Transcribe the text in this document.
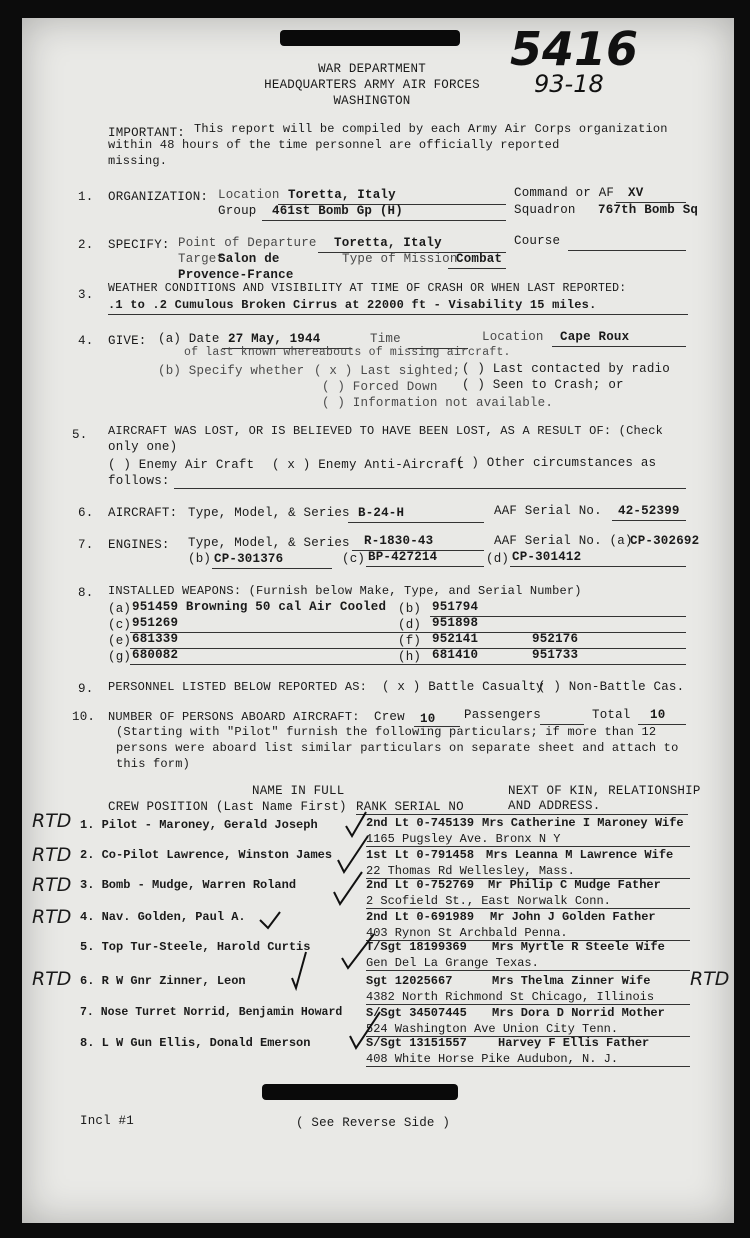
5416
93-18
WAR DEPARTMENT
HEADQUARTERS ARMY AIR FORCES
WASHINGTON
IMPORTANT: This report will be compiled by each Army Air Corps organization
within 48 hours of the time personnel are officially reported
missing.
1. ORGANIZATION: Location Toretta, Italy	Command or AF XV
Group 461st Bomb Gp (H)	Squadron 767th Bomb Sq
2. SPECIFY: Point of Departure Toretta, Italy	Course
Target
Salon de	Type of Mission
Combat
Provence-France
3. WEATHER CONDITIONS AND VISIBILITY AT TIME OF CRASH OR WHEN LAST REPORTED:
.1 to .2 Cumulous Broken Cirrus at 22000 ft - Visability 15 miles.
4. GIVE: (a) Date 27 May, 1944	Time	Location Cape Roux
of last known whereabouts of missing aircraft.
(b) Specify whether ( x ) Last sighted; ( ) Last contacted by radio
( ) Forced Down ( ) Seen to Crash; or
( ) Information not available.
5. AIRCRAFT WAS LOST, OR IS BELIEVED TO HAVE BEEN LOST, AS A RESULT OF: (Check
only one)
( ) Enemy Air Craft ( x ) Enemy Anti-Aircraft
( ) Other circumstances as
follows:
6. AIRCRAFT: Type, Model, & Series B-24-H	AAF Serial No. 42-52399
7. ENGINES: Type, Model, & Series R-1830-43	AAF Serial No. (a)
CP-302692
(b) CP-301376	(c) BP-427214	(d) CP-301412
8. INSTALLED WEAPONS: (Furnish below Make, Type, and Serial Number)
(a) 951459 Browning 50 cal Air Cooled (b) 951794
(c) 951269	(d) 951898
(e) 681339	(f) 952141	952176
(g) 680082	(h) 681410	951733
9. PERSONNEL LISTED BELOW REPORTED AS: ( x ) Battle Casualty
( ) Non-Battle Cas.
10. NUMBER OF PERSONS ABOARD AIRCRAFT: Crew 10 Passengers	Total 10
(Starting with "Pilot" furnish the following particulars; if more than 12
persons were aboard list similar particulars on separate sheet and attach to
this form)
NAME IN FULL
CREW POSITION (Last Name First) RANK SERIAL NO
NEXT OF KIN, RELATIONSHIP
AND ADDRESS.
RTD 1. Pilot - Maroney, Gerald Joseph	2nd Lt 0-745139 Mrs Catherine I Maroney Wife
1165 Pugsley Ave. Bronx N Y
RTD 2. Co-Pilot Lawrence, Winston James	1st Lt 0-791458 Mrs Leanna M Lawrence Wife
22 Thomas Rd Wellesley, Mass.
RTD 3. Bomb - Mudge, Warren Roland	2nd Lt 0-752769 Mr Philip C Mudge Father
2 Scofield St., East Norwalk Conn.
RTD 4. Nav. Golden, Paul A.	2nd Lt 0-691989 Mr John J Golden Father
403 Rynon St Archbald Penna.
5. Top Tur-Steele, Harold Curtis	T/Sgt 18199369 Mrs Myrtle R Steele Wife
Gen Del La Grange Texas.
RTD 6. R W Gnr Zinner, Leon	Sgt 12025667	Mrs Thelma Zinner Wife
4382 North Richmond St Chicago, Illinois
RTD
7. Nose Turret Norrid, Benjamin Howard S/Sgt 34507445 Mrs Dora D Norrid Mother
524 Washington Ave Union City Tenn.
8. L W Gun Ellis, Donald Emerson	S/Sgt 13151557	Harvey F Ellis Father
408 White Horse Pike Audubon, N. J.
Incl #1	( See Reverse Side )
